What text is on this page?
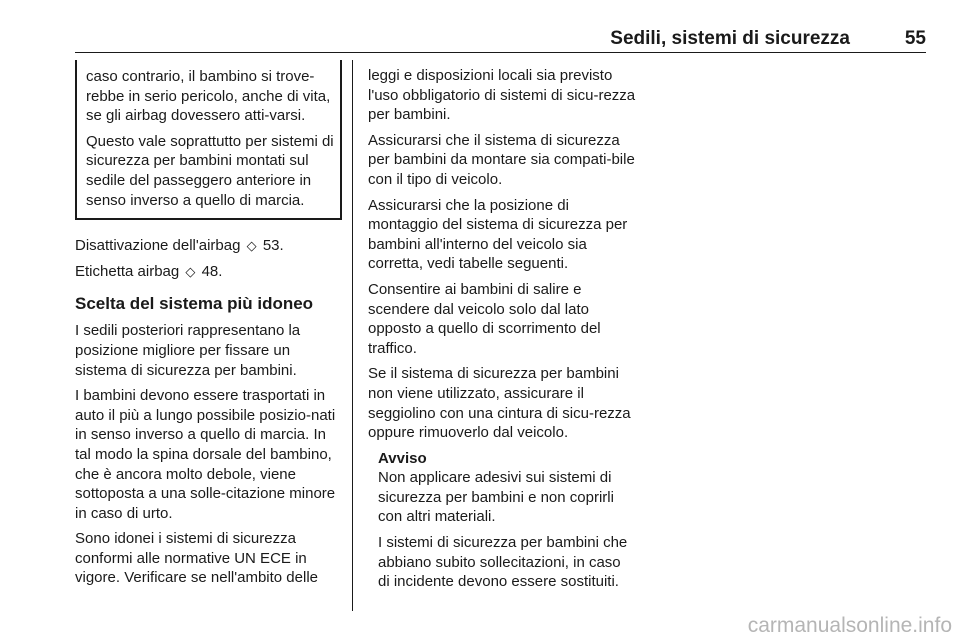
Sedili, sistemi di sicurezza	55

caso contrario, il bambino si trove-rebbe in serio pericolo, anche di vita, se gli airbag dovessero atti-varsi.

Questo vale soprattutto per sistemi di sicurezza per bambini montati sul sedile del passeggero anteriore in senso inverso a quello di marcia.

Disattivazione dell'airbag ◇ 53.

Etichetta airbag ◇ 48.

Scelta del sistema più idoneo

I sedili posteriori rappresentano la posizione migliore per fissare un sistema di sicurezza per bambini.

I bambini devono essere trasportati in auto il più a lungo possibile posizio-nati in senso inverso a quello di marcia. In tal modo la spina dorsale del bambino, che è ancora molto debole, viene sottoposta a una solle-citazione minore in caso di urto.

Sono idonei i sistemi di sicurezza conformi alle normative UN ECE in vigore. Verificare se nell'ambito delle

leggi e disposizioni locali sia previsto l'uso obbligatorio di sistemi di sicu-rezza per bambini.

Assicurarsi che il sistema di sicurezza per bambini da montare sia compati-bile con il tipo di veicolo.

Assicurarsi che la posizione di montaggio del sistema di sicurezza per bambini all'interno del veicolo sia corretta, vedi tabelle seguenti.

Consentire ai bambini di salire e scendere dal veicolo solo dal lato opposto a quello di scorrimento del traffico.

Se il sistema di sicurezza per bambini non viene utilizzato, assicurare il seggiolino con una cintura di sicu-rezza oppure rimuoverlo dal veicolo.

Avviso

Non applicare adesivi sui sistemi di sicurezza per bambini e non coprirli con altri materiali.

I sistemi di sicurezza per bambini che abbiano subito sollecitazioni, in caso di incidente devono essere sostituiti.

carmanualsonline.info
